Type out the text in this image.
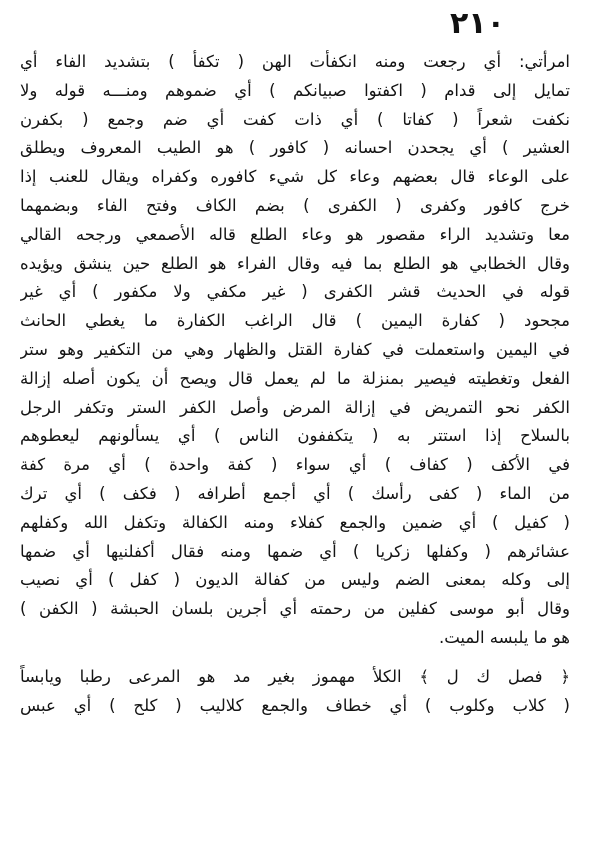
٢١٠
امرأتي: أي رجعت ومنه انكفأت الهن ( تكفأ ) بتشديد الفاء أي
تمايل إلى قدام ( اكفتوا صبيانكم ) أي ضموهم ومنـــه قوله ولا
نكفت شعراً ( كفاتا ) أي ذات كفت أي ضم وجمع ( بكفرن
العشير ) أي يجحدن احسانه ( كافور ) هو الطيب المعروف ويطلق
على الوعاء قال بعضهم وعاء كل شيء كافوره وكفراه ويقال للعنب إذا
خرج كافور وكفرى ( الكفرى ) بضم الكاف وفتح الفاء وبضمهما
معا وتشديد الراء مقصور هو وعاء الطلع قاله الأصمعي ورجحه القالي
وقال الخطابي هو الطلع بما فيه وقال الفراء هو الطلع حين ينشق ويؤيده
قوله في الحديث قشر الكفرى ( غير مكفي ولا مكفور ) أي غير
مجحود ( كفارة اليمين ) قال الراغب الكفارة ما يغطي الحانث
في اليمين واستعملت في كفارة القتل والظهار وهي من التكفير وهو ستر
الفعل وتغطيته فيصير بمنزلة ما لم يعمل قال ويصح أن يكون أصله إزالة
الكفر نحو التمريض في إزالة المرض وأصل الكفر الستر وتكفر الرجل
بالسلاح إذا استتر به ( يتكففون الناس ) أي يسألونهم ليعطوهم
في الأكف ( كفاف ) أي سواء ( كفة واحدة ) أي مرة كفة
من الماء ( كفى رأسك ) أي أجمع أطرافه ( فكف ) أي ترك
( كفيل ) أي ضمين والجمع كفلاء ومنه الكفالة وتكفل الله وكفلهم
عشائرهم ( وكفلها زكريا ) أي ضمها ومنه فقال أكفلنيها أي ضمها
إلى وكله بمعنى الضم وليس من كفالة الديون ( كفل ) أي نصيب
وقال أبو موسى كفلين من رحمته أي أجرين بلسان الحبشة ( الكفن )
هو ما يلبسه الميت.
﴿ فصل ك ل ﴾ الكلأ مهموز بغير مد هو المرعى رطبا ويابساً
( كلاب وكلوب ) أي خطاف والجمع كلاليب ( كلح ) أي عبس
